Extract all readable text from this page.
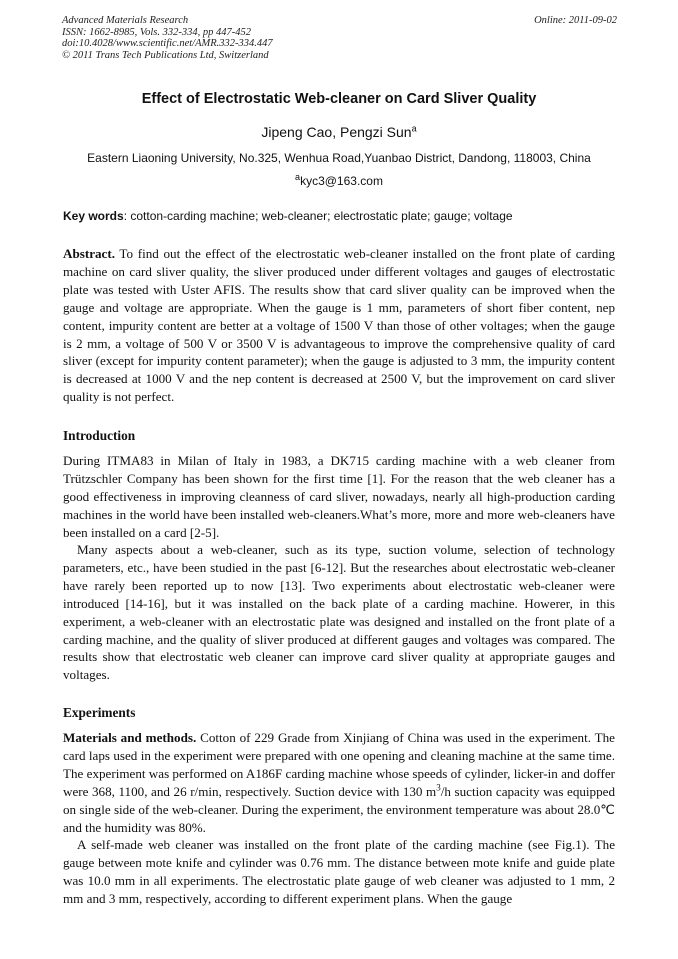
Advanced Materials Research
ISSN: 1662-8985, Vols. 332-334, pp 447-452
doi:10.4028/www.scientific.net/AMR.332-334.447
© 2011 Trans Tech Publications Ltd, Switzerland
Online: 2011-09-02
Effect of Electrostatic Web-cleaner on Card Sliver Quality
Jipeng Cao, Pengzi Sun$^a$
Eastern Liaoning University, No.325, Wenhua Road,Yuanbao District, Dandong, 118003, China
$^a$kyc3@163.com
Key words: cotton-carding machine; web-cleaner; electrostatic plate; gauge; voltage
Abstract. To find out the effect of the electrostatic web-cleaner installed on the front plate of carding machine on card sliver quality, the sliver produced under different voltages and gauges of electrostatic plate was tested with Uster AFIS. The results show that card sliver quality can be improved when the gauge and voltage are appropriate. When the gauge is 1 mm, parameters of short fiber content, nep content, impurity content are better at a voltage of 1500 V than those of other voltages; when the gauge is 2 mm, a voltage of 500 V or 3500 V is advantageous to improve the comprehensive quality of card sliver (except for impurity content parameter); when the gauge is adjusted to 3 mm, the impurity content is decreased at 1000 V and the nep content is decreased at 2500 V, but the improvement on card sliver quality is not perfect.
Introduction
During ITMA83 in Milan of Italy in 1983, a DK715 carding machine with a web cleaner from Trützschler Company has been shown for the first time [1]. For the reason that the web cleaner has a good effectiveness in improving cleanness of card sliver, nowadays, nearly all high-production carding machines in the world have been installed web-cleaners.What’s more, more and more web-cleaners have been installed on a card [2-5].
Many aspects about a web-cleaner, such as its type, suction volume, selection of technology parameters, etc., have been studied in the past [6-12]. But the researches about electrostatic web-cleaner have rarely been reported up to now [13]. Two experiments about electrostatic web-cleaner were introduced [14-16], but it was installed on the back plate of a carding machine. Howerer, in this experiment, a web-cleaner with an electrostatic plate was designed and installed on the front plate of a carding machine, and the quality of sliver produced at different gauges and voltages was compared. The results show that electrostatic web cleaner can improve card sliver quality at appropriate gauges and voltages.
Experiments
Materials and methods. Cotton of 229 Grade from Xinjiang of China was used in the experiment. The card laps used in the experiment were prepared with one opening and cleaning machine at the same time. The experiment was performed on A186F carding machine whose speeds of cylinder, licker-in and doffer were 368, 1100, and 26 r/min, respectively. Suction device with 130 $m^3/h$ suction capacity was equipped on single side of the web-cleaner. During the experiment, the environment temperature was about 28.0℃ and the humidity was 80%.
A self-made web cleaner was installed on the front plate of the carding machine (see Fig.1). The gauge between mote knife and cylinder was 0.76 mm. The distance between mote knife and guide plate was 10.0 mm in all experiments. The electrostatic plate gauge of web cleaner was adjusted to 1 mm, 2 mm and 3 mm, respectively, according to different experiment plans. When the gauge
